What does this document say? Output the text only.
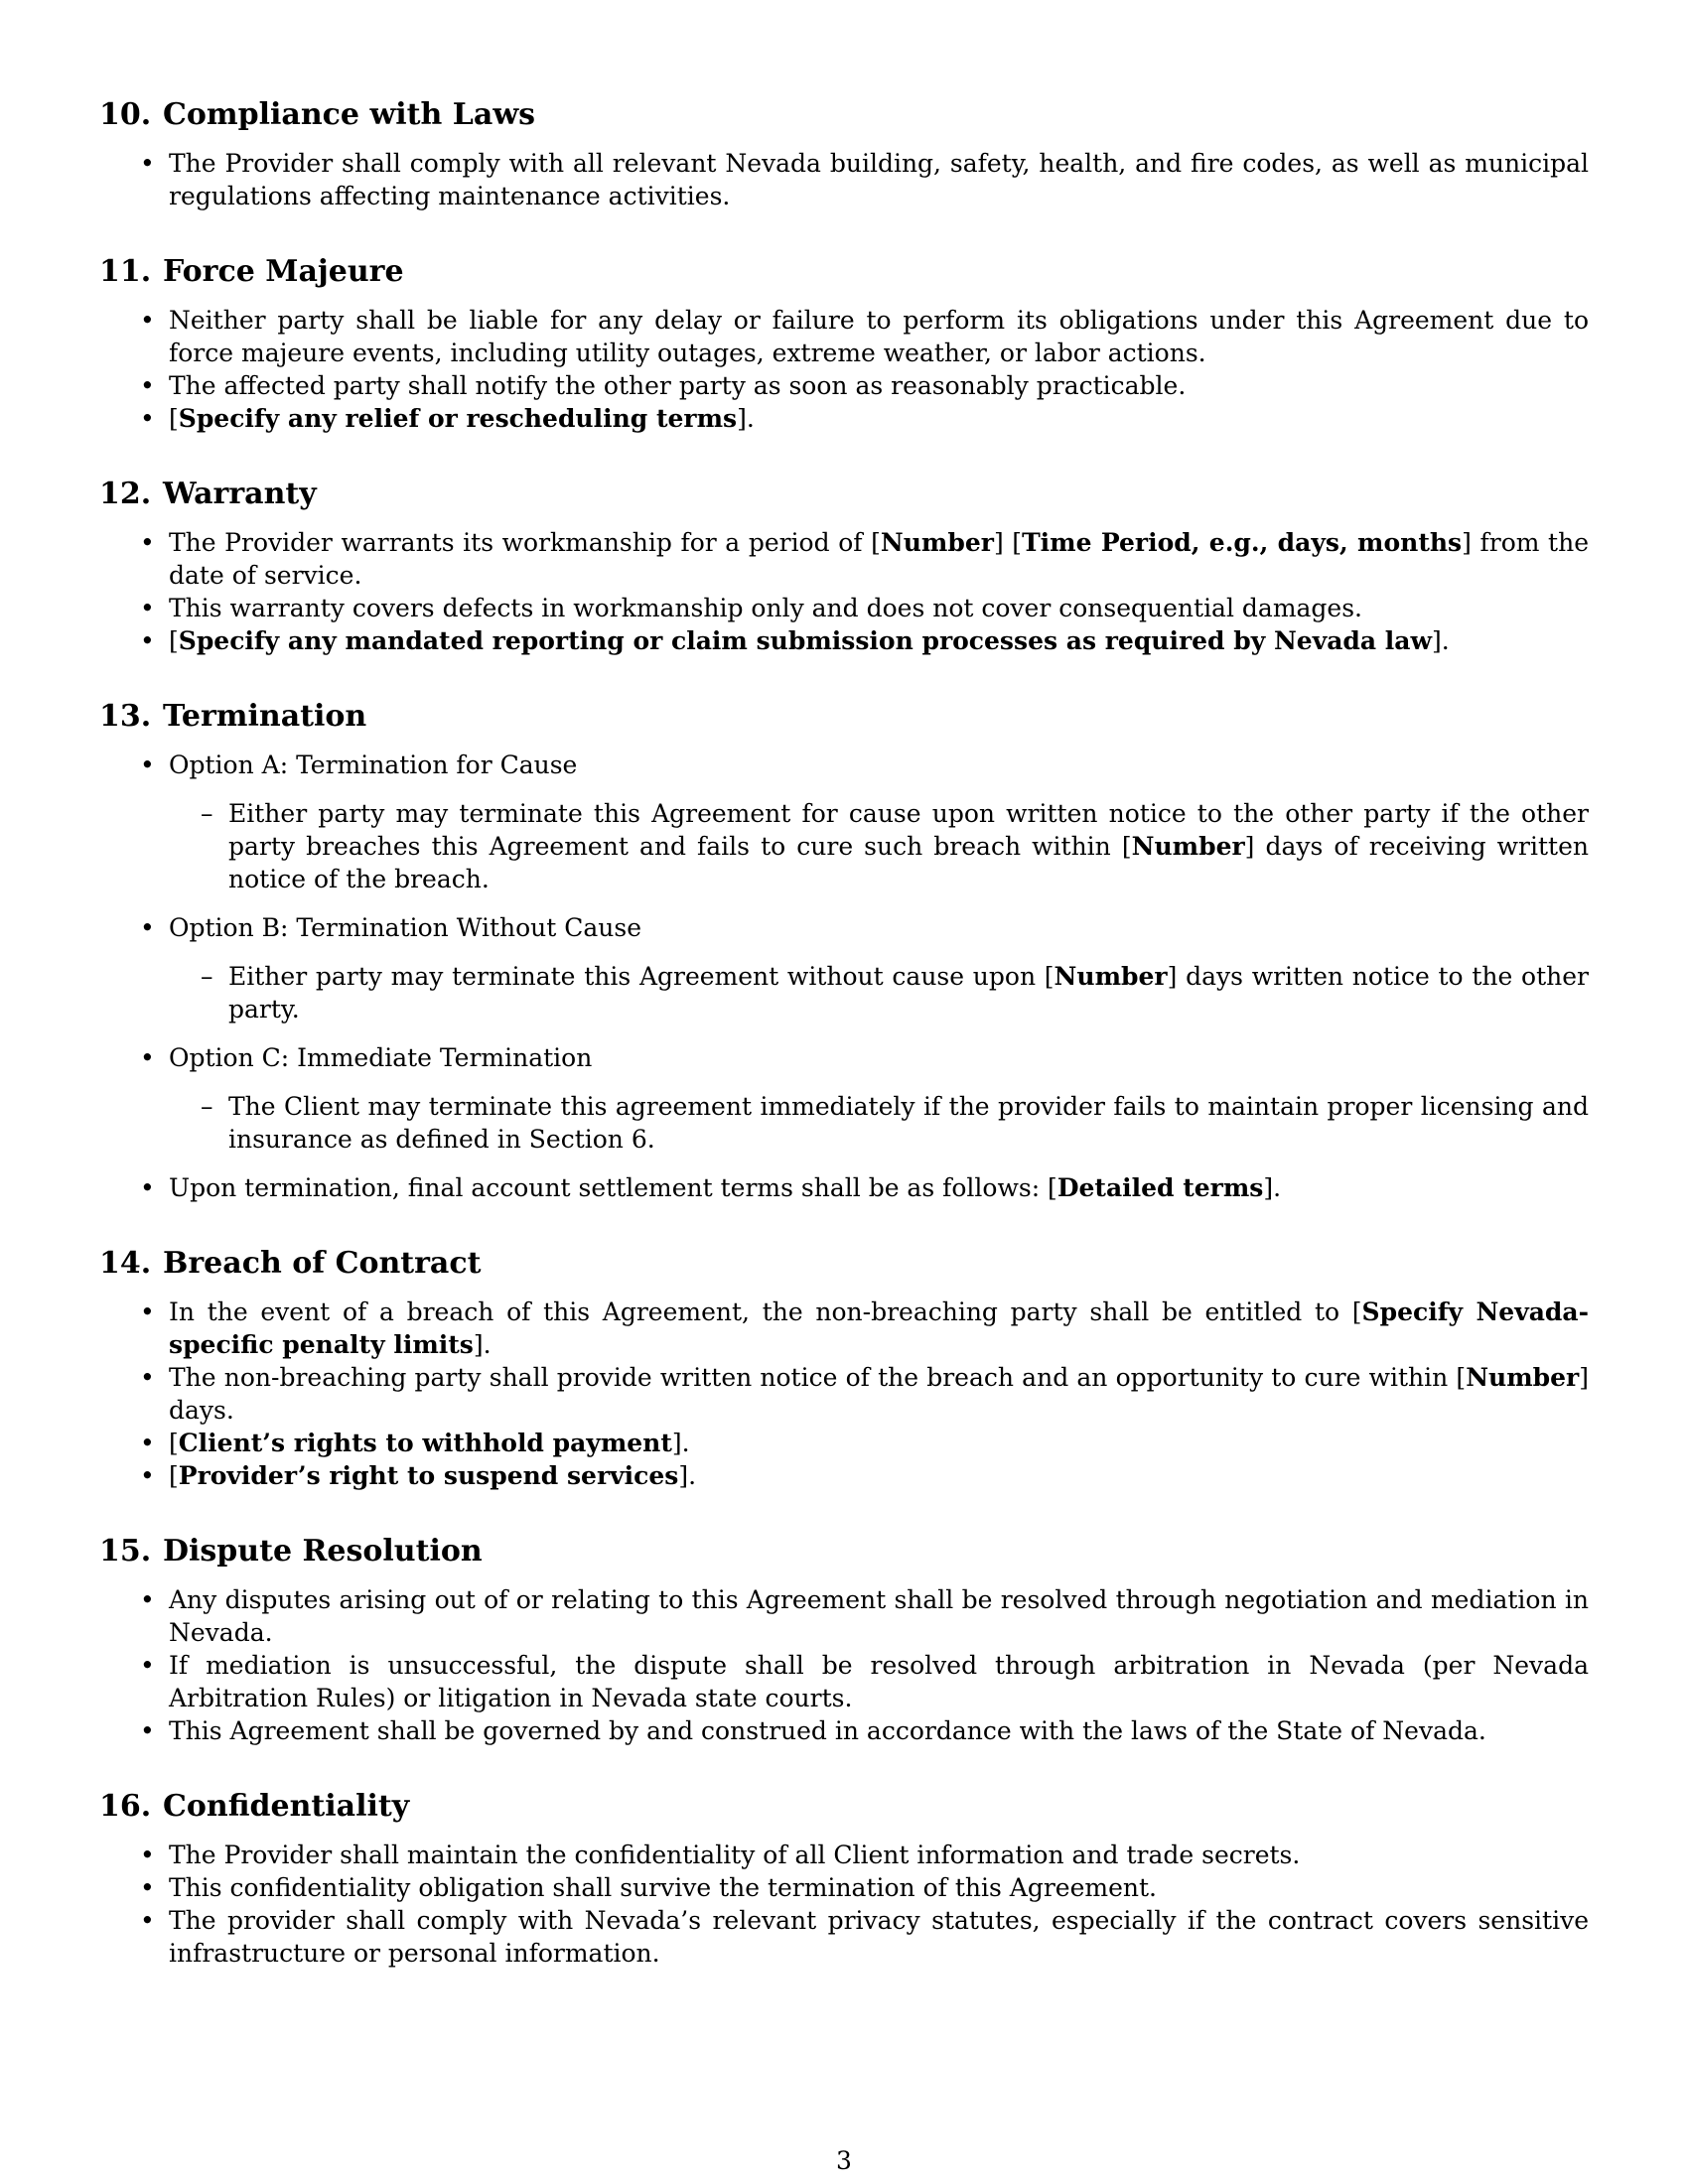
10. Compliance with Laws
• The Provider shall comply with all relevant Nevada building, safety, health, and fire codes, as well as municipal regulations affecting maintenance activities.
11. Force Majeure
• Neither party shall be liable for any delay or failure to perform its obligations under this Agreement due to force majeure events, including utility outages, extreme weather, or labor actions.
• The affected party shall notify the other party as soon as reasonably practicable.
• [Specify any relief or rescheduling terms].
12. Warranty
• The Provider warrants its workmanship for a period of [Number] [Time Period, e.g., days, months] from the date of service.
• This warranty covers defects in workmanship only and does not cover consequential damages.
• [Specify any mandated reporting or claim submission processes as required by Nevada law].
13. Termination
• Option A: Termination for Cause
– Either party may terminate this Agreement for cause upon written notice to the other party if the other party breaches this Agreement and fails to cure such breach within [Number] days of receiving written notice of the breach.
• Option B: Termination Without Cause
– Either party may terminate this Agreement without cause upon [Number] days written notice to the other party.
• Option C: Immediate Termination
– The Client may terminate this agreement immediately if the provider fails to maintain proper licensing and insurance as defined in Section 6.
• Upon termination, final account settlement terms shall be as follows: [Detailed terms].
14. Breach of Contract
• In the event of a breach of this Agreement, the non-breaching party shall be entitled to [Specify Nevada-specific penalty limits].
• The non-breaching party shall provide written notice of the breach and an opportunity to cure within [Number] days.
• [Client’s rights to withhold payment].
• [Provider’s right to suspend services].
15. Dispute Resolution
• Any disputes arising out of or relating to this Agreement shall be resolved through negotiation and mediation in Nevada.
• If mediation is unsuccessful, the dispute shall be resolved through arbitration in Nevada (per Nevada Arbitration Rules) or litigation in Nevada state courts.
• This Agreement shall be governed by and construed in accordance with the laws of the State of Nevada.
16. Confidentiality
• The Provider shall maintain the confidentiality of all Client information and trade secrets.
• This confidentiality obligation shall survive the termination of this Agreement.
• The provider shall comply with Nevada’s relevant privacy statutes, especially if the contract covers sensitive infrastructure or personal information.
3
